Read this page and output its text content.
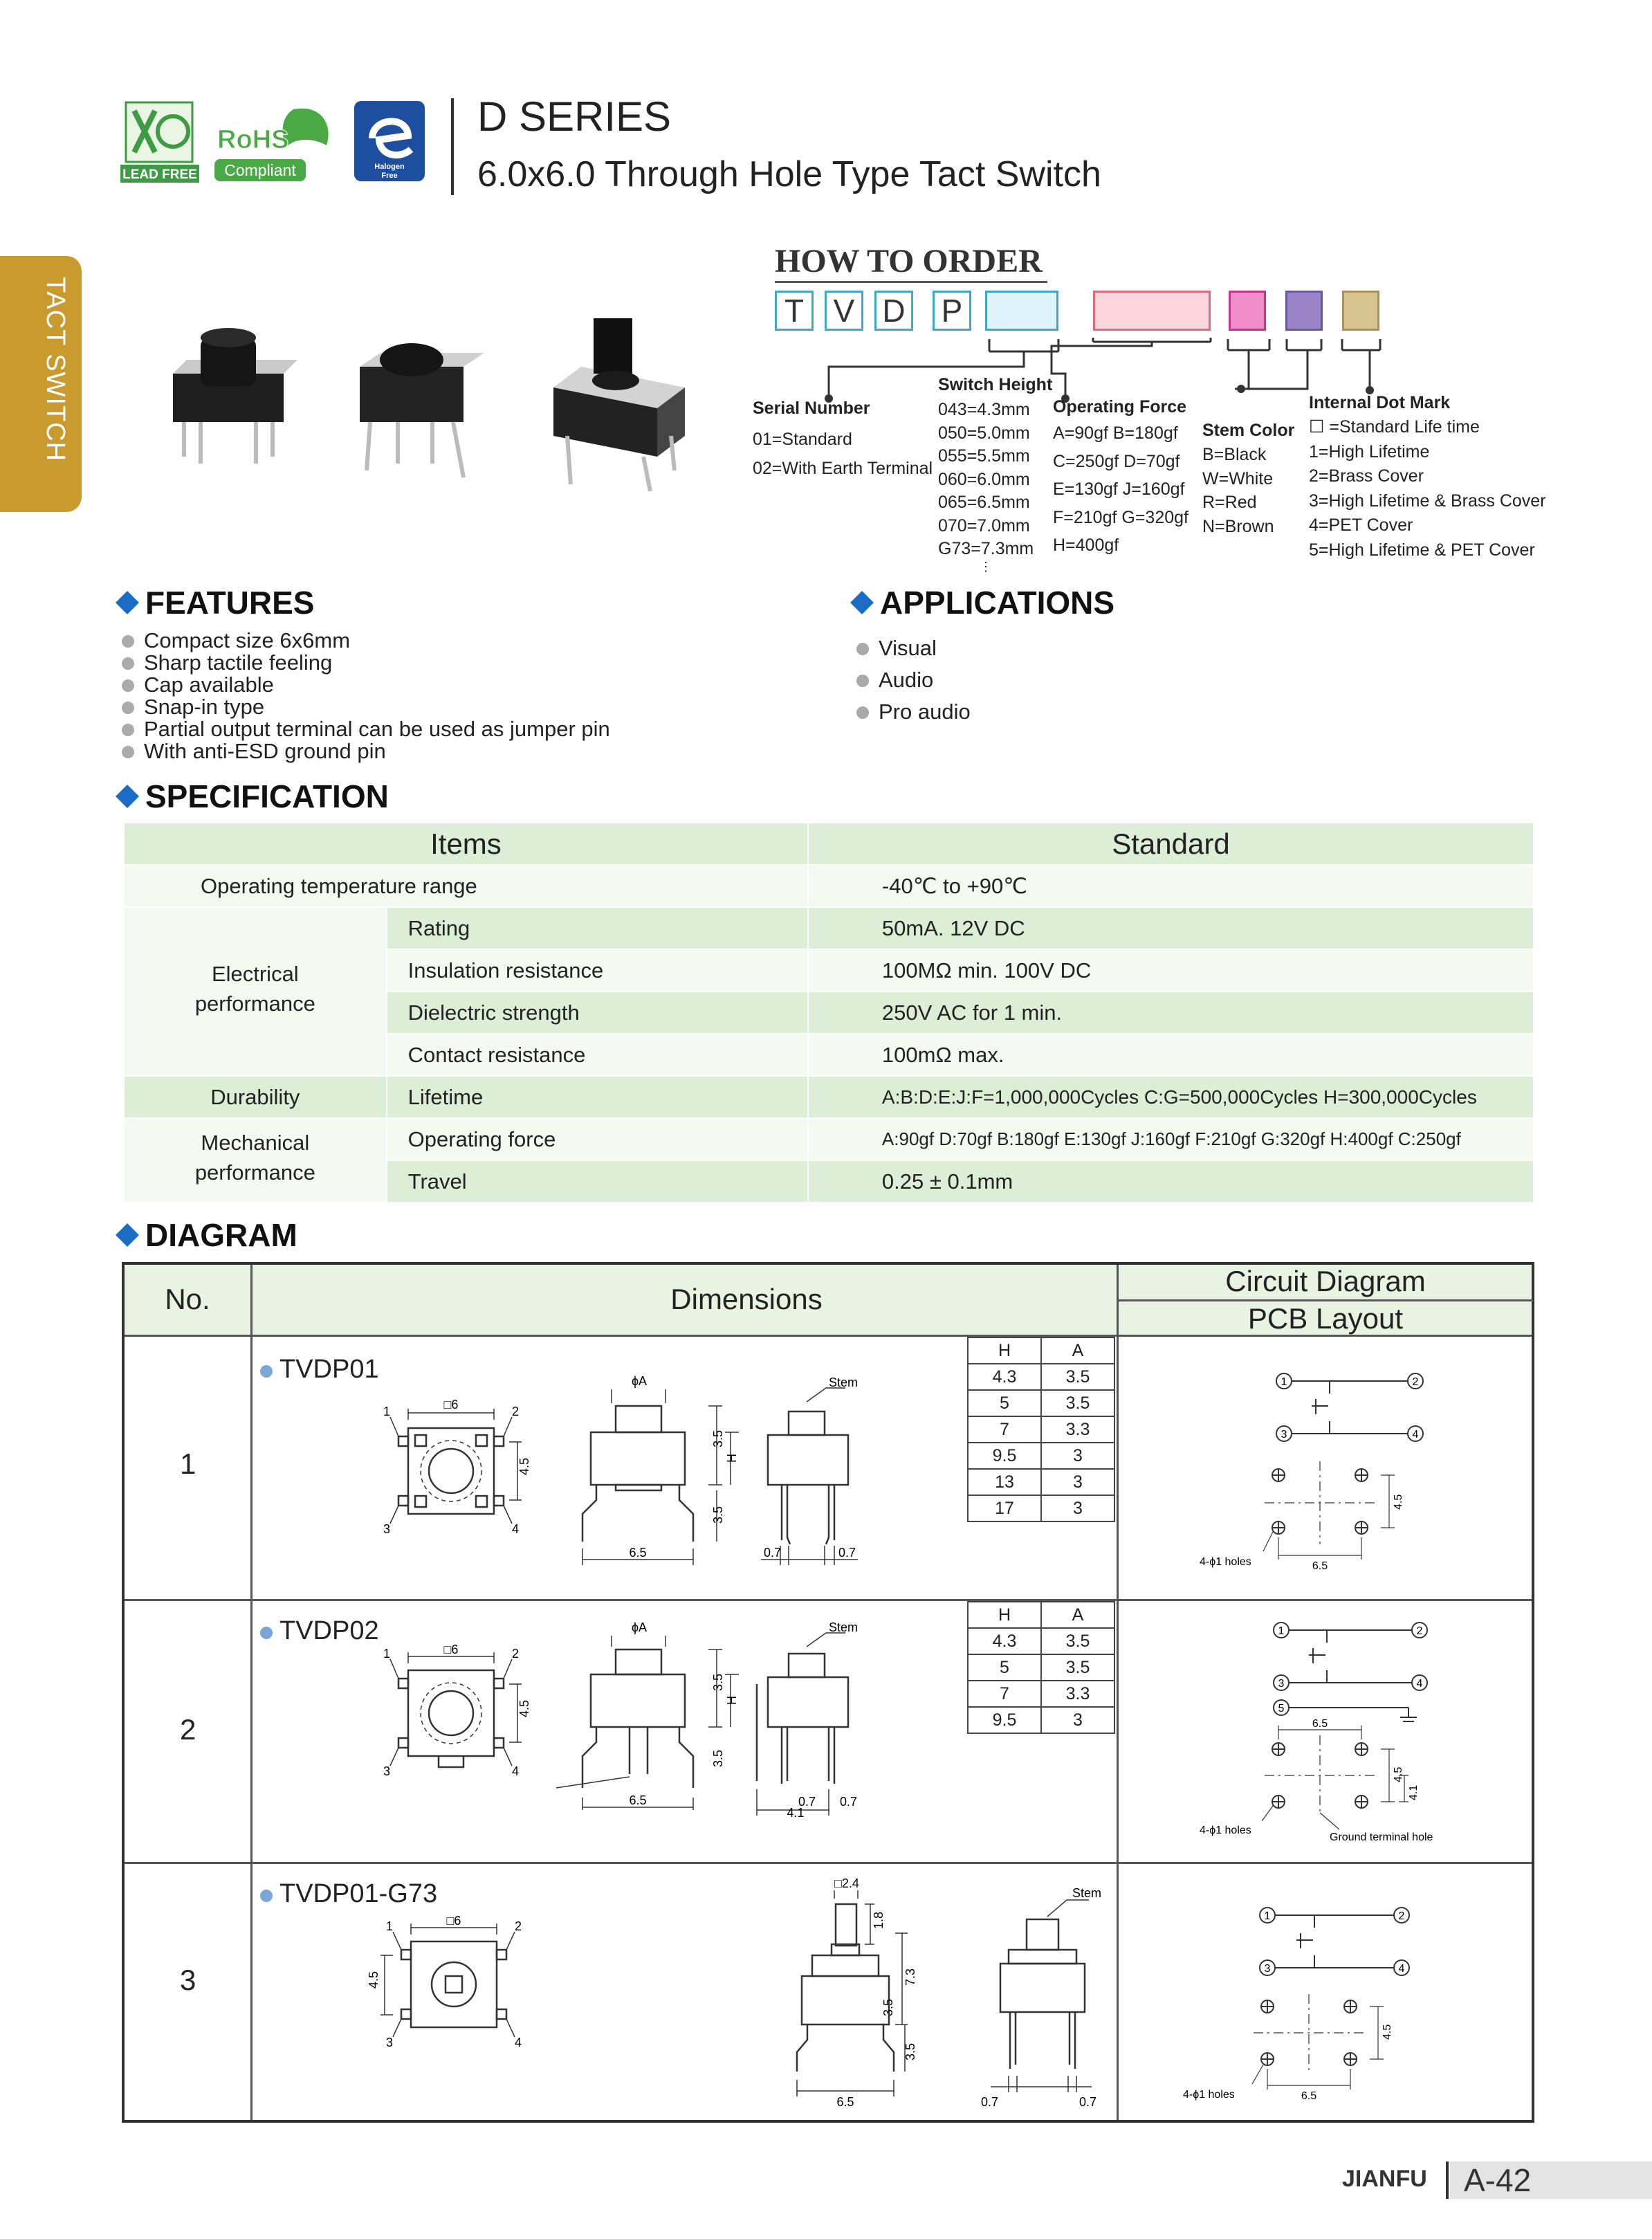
LEAD FREE
RoHS
Compliant	Halogen
Free
D SERIES
6.0x6.0 Through Hole Type Tact Switch
TACT SWITCH
HOW TO ORDER
T V D P
Serial Number
01=Standard
02=With Earth Terminal
Switch Height
043=4.3mm
050=5.0mm
055=5.5mm
060=6.0mm
065=6.5mm
070=7.0mm
G73=7.3mm
⋮
Operating Force
A=90gf B=180gf
C=250gf D=70gf
E=130gf J=160gf
F=210gf G=320gf
H=400gf
Stem Color
B=Black
W=White
R=Red
N=Brown
Internal Dot Mark
☐ =Standard Life time
1=High Lifetime
2=Brass Cover
3=High Lifetime & Brass Cover
4=PET Cover
5=High Lifetime & PET Cover
FEATURES
Compact size 6x6mm
Sharp tactile feeling
Cap available
Snap-in type
Partial output terminal can be used as jumper pin
With anti-ESD ground pin
APPLICATIONS
Visual
Audio
Pro audio
SPECIFICATION
Items		Standard
Operating temperature range		-40℃ to +90℃
Electrical
performance	Rating	50mA. 12V DC
	Insulation resistance	100MΩ min. 100V DC
	Dielectric strength	250V AC for 1 min.
	Contact resistance	100mΩ max.
Durability	Lifetime	A:B:D:E:J:F=1,000,000Cycles C:G=500,000Cycles H=300,000Cycles
Mechanical
performance	Operating force	A:90gf D:70gf B:180gf E:130gf J:160gf F:210gf G:320gf H:400gf C:250gf
	Travel	0.25 ± 0.1mm
DIAGRAM
No.	Dimensions
Circuit Diagram
PCB Layout
1
TVDP01
H	A
4.3	3.5
5	3.5
7	3.3
9.5	3
13	3
17	3
□6
1	2
3	4
4.5
ϕA
3.5
H
3.5
6.5	0.7	0.7
Stem	1	2
3	4
4.5
6.5
4-ϕ1 holes
2
TVDP02
H	A
4.3	3.5
5	3.5
7	3.3
9.5	3
□6
1	2
3	4
4.5
ϕA
3.5
H
3.5
6.5
4.1
0.7 0.7
Stem	1	2
3	4
5
6.5
4.5
4.1
Ground terminal hole
4-ϕ1 holes
3
TVDP01-G73
□6
1	2
3	4
4.5
□2.4
1.8
3.5
7.3
3.5
6.5	0.7	0.7
Stem
1	2
3	4
4.5
6.5
4-ϕ1 holes
JIANFU	A-42
